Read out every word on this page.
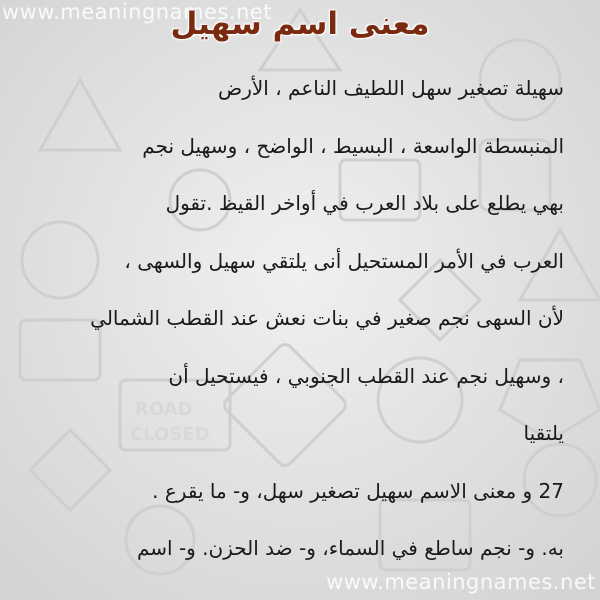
ROAD
CLOSED
www.meaningnames.net
www.meaningnames.net
معنى اسم سهيل
سهيلة تصغير سهل اللطيف الناعم ، الأرض
المنبسطة الواسعة ، البسيط ، الواضح ، وسهيل نجم
بهي يطلع على بلاد العرب في أواخر القيظ .تقول
العرب في الأمر المستحيل أنى يلتقي سهيل والسهى ،
لأن السهى نجم صغير في بنات نعش عند القطب الشمالي
، وسهيل نجم عند القطب الجنوبي ، فيستحيل أن
يلتقيا
27 و معنى الاسم سهيل تصغير سهل، و- ما يقرع .
به. و- نجم ساطع في السماء، و- ضد الحزن. و- اسم
